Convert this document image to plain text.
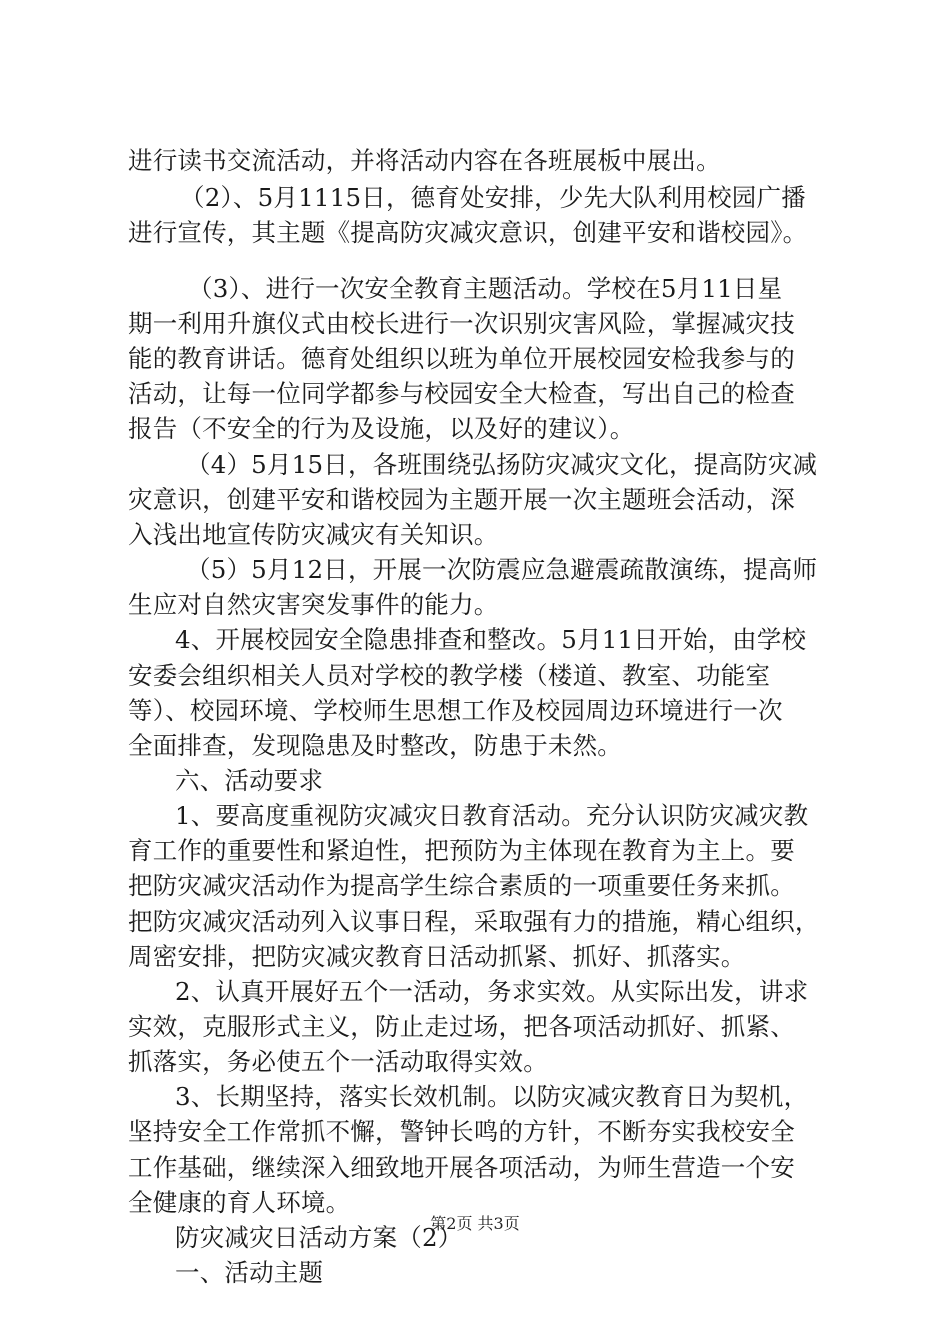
进行读书交流活动，并将活动内容在各班展板中展出。
（2）、5月1115日，德育处安排，少先大队利用校园广播
进行宣传，其主题《提高防灾减灾意识，创建平安和谐校园》。
（3）、进行一次安全教育主题活动。学校在5月11日星
期一利用升旗仪式由校长进行一次识别灾害风险，掌握减灾技
能的教育讲话。德育处组织以班为单位开展校园安检我参与的
活动，让每一位同学都参与校园安全大检查，写出自己的检查
报告（不安全的行为及设施，以及好的建议）。
（4）5月15日，各班围绕弘扬防灾减灾文化，提高防灾减
灾意识，创建平安和谐校园为主题开展一次主题班会活动，深
入浅出地宣传防灾减灾有关知识。
（5）5月12日，开展一次防震应急避震疏散演练，提高师
生应对自然灾害突发事件的能力。
4、开展校园安全隐患排查和整改。5月11日开始，由学校
安委会组织相关人员对学校的教学楼（楼道、教室、功能室
等）、校园环境、学校师生思想工作及校园周边环境进行一次
全面排查，发现隐患及时整改，防患于未然。
六、活动要求
1、要高度重视防灾减灾日教育活动。充分认识防灾减灾教
育工作的重要性和紧迫性，把预防为主体现在教育为主上。要
把防灾减灾活动作为提高学生综合素质的一项重要任务来抓。
把防灾减灾活动列入议事日程，采取强有力的措施，精心组织，
周密安排，把防灾减灾教育日活动抓紧、抓好、抓落实。
2、认真开展好五个一活动，务求实效。从实际出发，讲求
实效，克服形式主义，防止走过场，把各项活动抓好、抓紧、
抓落实，务必使五个一活动取得实效。
3、长期坚持，落实长效机制。以防灾减灾教育日为契机，
坚持安全工作常抓不懈，警钟长鸣的方针，不断夯实我校安全
工作基础，继续深入细致地开展各项活动，为师生营造一个安
全健康的育人环境。
防灾减灾日活动方案（2）
一、活动主题
第2页 共3页
